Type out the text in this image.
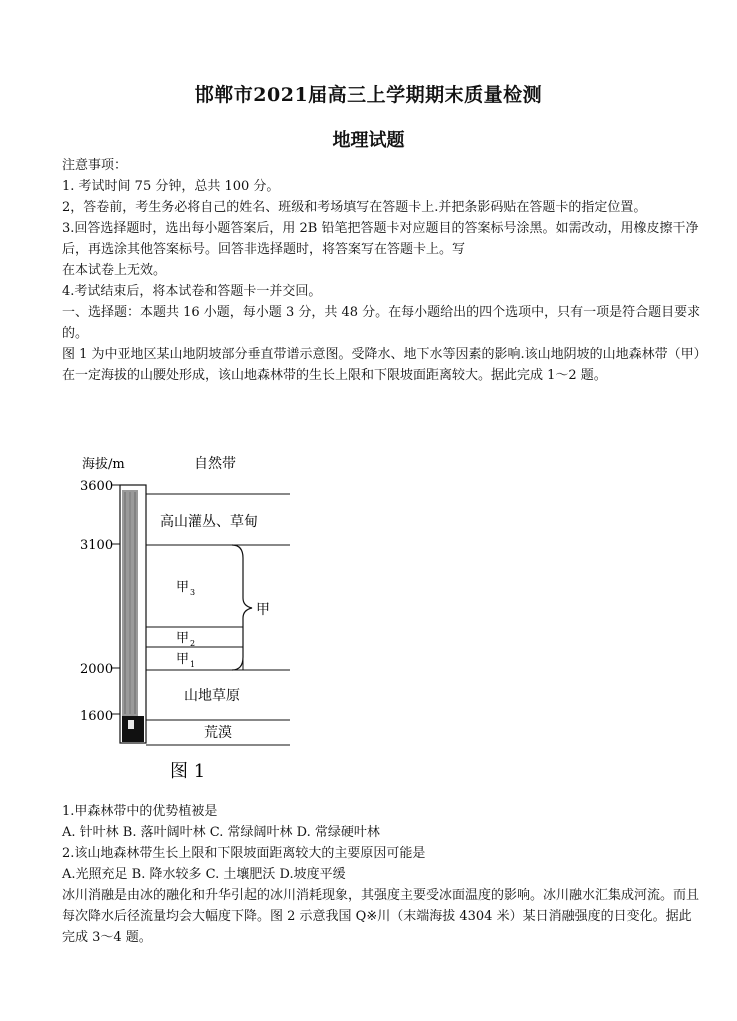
邯郸市2021届高三上学期期末质量检测
地理试题

注意事项：

1. 考试时间 75 分钟，总共 100 分。

2，答卷前，考生务必将自己的姓名、班级和考场填写在答题卡上.并把条影码贴在答题卡的指定位置。

3.回答选择题时，选出每小题答案后，用 2B 铅笔把答题卡对应题目的答案标号涂黑。如需改动，用橡皮擦干净后，再选涂其他答案标号。回答非选择题时，将答案写在答题卡上。写

在本试卷上无效。

4.考试结束后，将本试卷和答题卡一并交回。

一、选择题：本题共 16 小题，每小题 3 分，共 48 分。在每小题给出的四个选项中，只有一项是符合题目要求的。

图 1 为中亚地区某山地阴坡部分垂直带谱示意图。受降水、地下水等因素的影响.该山地阴坡的山地森林带（甲）在一定海拔的山腰处形成，该山地森林带的生长上限和下限坡面距离较大。据此完成 1～2 题。

海拔/m	自然带
3600
3100
2000
1600
甲
高山灌丛、草甸
甲 3
甲 2
甲 1
山地草原
荒漠
图 1

1.甲森林带中的优势植被是

A. 针叶林 B. 落叶阔叶林 C. 常绿阔叶林 D. 常绿硬叶林

2.该山地森林带生长上限和下限坡面距离较大的主要原因可能是

A.光照充足 B. 降水较多 C. 土壤肥沃 D.坡度平缓

冰川消融是由冰的融化和升华引起的冰川消耗现象，其强度主要受冰面温度的影响。冰川融水汇集成河流。而且每次降水后径流量均会大幅度下降。图 2 示意我国 Q※川（末端海拔 4304 米）某日消融强度的日变化。据此完成 3～4 题。
